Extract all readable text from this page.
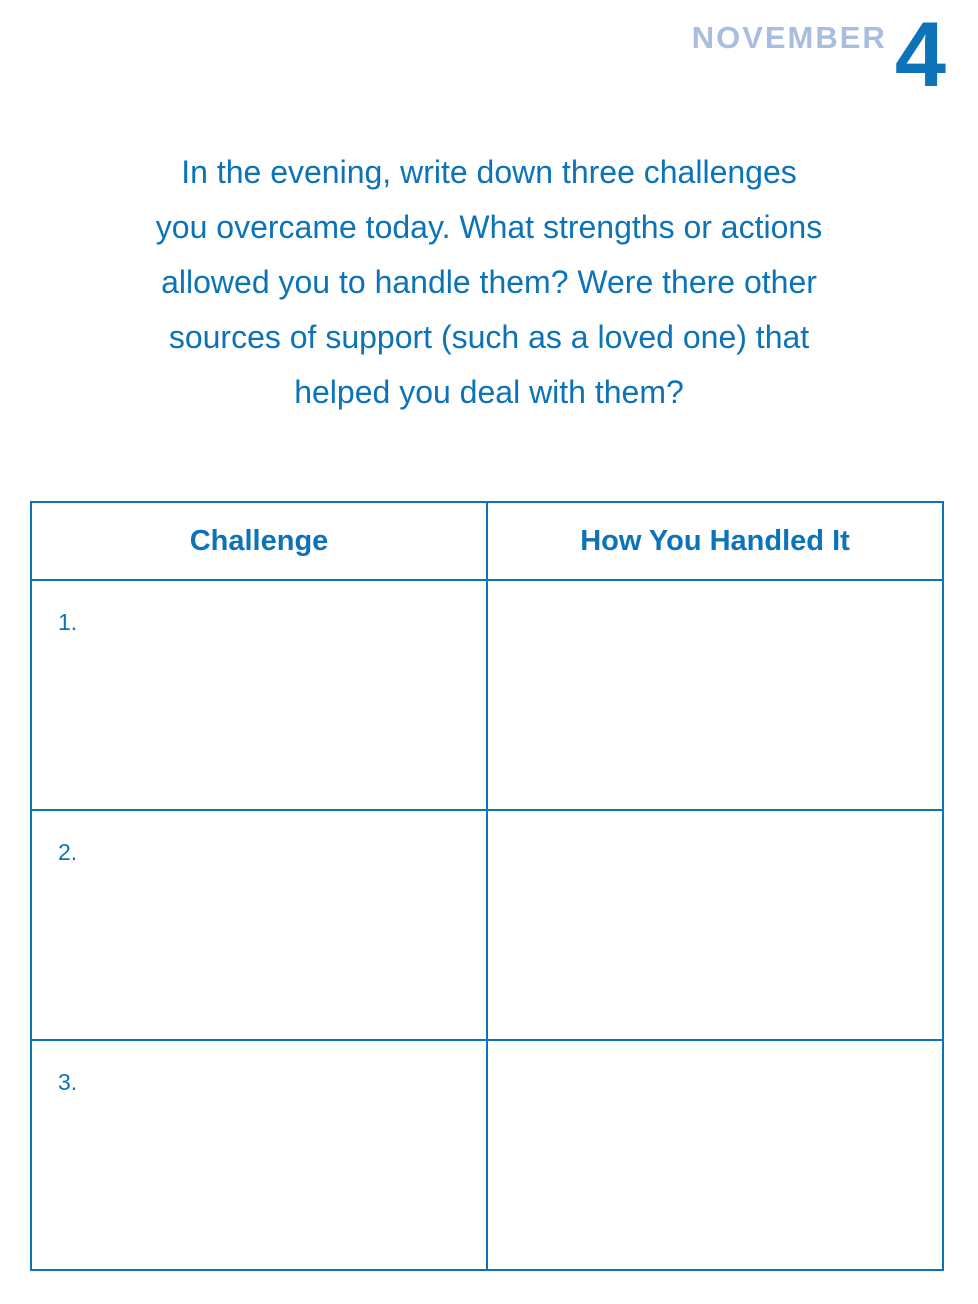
NOVEMBER 4

In the evening, write down three challenges
you overcame today. What strengths or actions
allowed you to handle them? Were there other
sources of support (such as a loved one) that
helped you deal with them?

Challenge	How You Handled It

1.	

2.	

3.	
